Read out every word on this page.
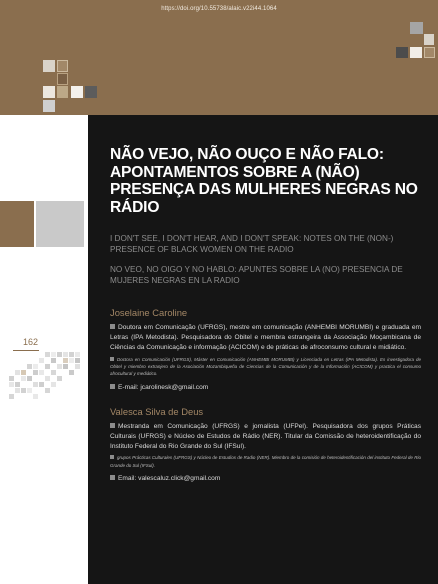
https://doi.org/10.55738/alaic.v22i44.1064
162
NÃO VEJO, NÃO OUÇO E NÃO FALO: APONTAMENTOS SOBRE A (NÃO) PRESENÇA DAS MULHERES NEGRAS NO RÁDIO

I DON'T SEE, I DON'T HEAR, AND I DON'T SPEAK: NOTES ON THE (NON-) PRESENCE OF BLACK WOMEN ON THE RADIO

NO VEO, NO OIGO Y NO HABLO: APUNTES SOBRE LA (NO) PRESENCIA DE MUJERES NEGRAS EN LA RADIO

Joselaine Caroline

Doutora em Comunicação (UFRGS), mestre em comunicação (ANHEMBI MORUMBI) e graduada em Letras (IPA Metodista). Pesquisadora do Obitel e membra estrangeira da Associação Moçambicana de Ciências da Comunicação e informação (ACICOM) e de práticas de afroconsumo cultural e midiático.

Doctora en Comunicación (UFRGS), Máster en Comunicación (ANHEMBI MORUMBI) y Licenciada en Letras (IPA Metodista). Es investigadora de Obitel y miembro extranjero de la Asociación Mozambiqueña de Ciencias de la Comunicación y de la Información (ACICOM) y practica el consumo afrocultural y mediático.

E-mail: jcarolinesk@gmail.com

Valesca Silva de Deus

Mestranda em Comunicação (UFRGS) e jornalista (UFPel). Pesquisadora dos grupos Práticas Culturais (UFRGS) e Núcleo de Estudos de Rádio (NER). Titular da Comissão de heteroidentificação do Instituto Federal do Rio Grande do Sul (IFSul).

grupos Prácticas Culturales (UFRGS) y Núcleo de Estudios de Radio (NER). Miembro de la comisión de heteroidentificación del instituto Federal de Rio Grande do Sul (IFSul).

Email: valescaluz.click@gmail.com
